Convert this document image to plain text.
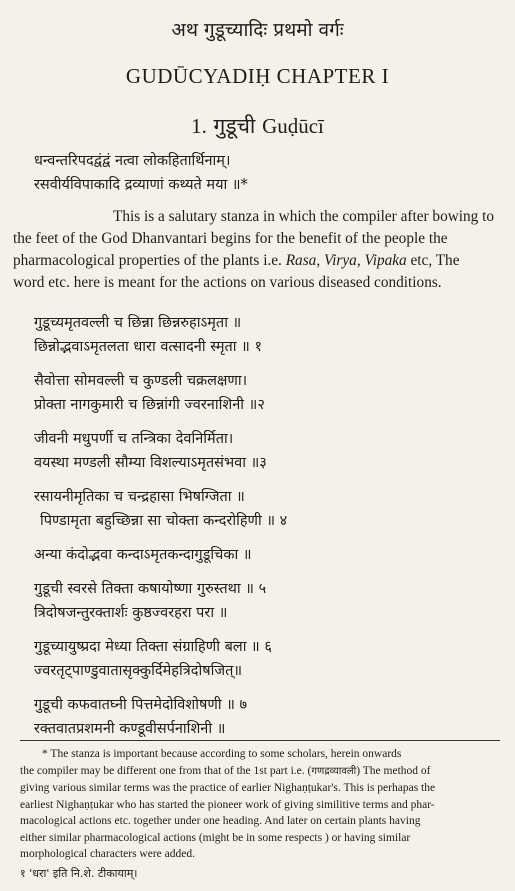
अथ गुडूच्यादिः प्रथमो वर्गः
GUDŪCYADIḤ CHAPTER I
1. गुडूची Guḍūcī
धन्वन्तरिपदद्वंद्वं नत्वा लोकहितार्थिनाम्।
रसवीर्यविपाकादि द्रव्याणां कथ्यते मया ॥*

This is a salutary stanza in which the compiler after bowing to

the feet of the God Dhanvantari begins for the benefit of the people the

pharmacological properties of the plants i.e. Rasa, Virya, Vipaka etc, The

word etc. here is meant for the actions on various diseased conditions.

गुडूच्यमृतवल्ली च छिन्ना छिन्नरुहाऽमृता ॥
छिन्नोद्भवाऽमृतलता धारा वत्सादनी स्मृता ॥ १
सैवोत्ता सोमवल्ली च कुण्डली चक्रलक्षणा।
प्रोक्ता नागकुमारी च छिन्नांगी ज्वरनाशिनी ॥२
जीवनी मधुपर्णी च तन्त्रिका देवनिर्मिता।
वयस्था मण्डली सौम्या विशल्याऽमृतसंभवा ॥३
रसायनीमृतिका च चन्द्रहासा भिषग्जिता ॥
पिण्डामृता बहुच्छिन्ना सा चोक्ता कन्दरोहिणी ॥ ४
अन्या कंदोद्भवा कन्दाऽमृतकन्दागुडूचिका ॥
गुडूची स्वरसे तिक्ता कषायोष्णा गुरुस्तथा ॥ ५
त्रिदोषजन्तुरक्तार्शः कुष्ठज्वरहरा परा ॥
गुडूच्यायुष्प्रदा मेध्या तिक्ता संग्राहिणी बला ॥ ६
ज्वरतृट्पाण्डुवातासृक्कुर्दिमेहत्रिदोषजित्॥
गुडूची कफवातघ्नी पित्तमेदोविशोषणी ॥ ७
रक्तवातप्रशमनी कण्डूवीसर्पनाशिनी ॥
* The stanza is important because according to some scholars, herein onwards
the compiler may be different one from that of the 1st part i.e. (गणद्रव्यावली) The method of
giving various similar terms was the practice of earlier Nighaṇṭukar's. This is perhapas the
earliest Nighaṇṭukar who has started the pioneer work of giving similitive terms and phar-
macological actions etc. together under one heading. And later on certain plants having
either similar pharmacological actions (might be in some respects ) or having similar
morphological characters were added.
१ 'धरा' इति नि.शे. टीकायाम्।
